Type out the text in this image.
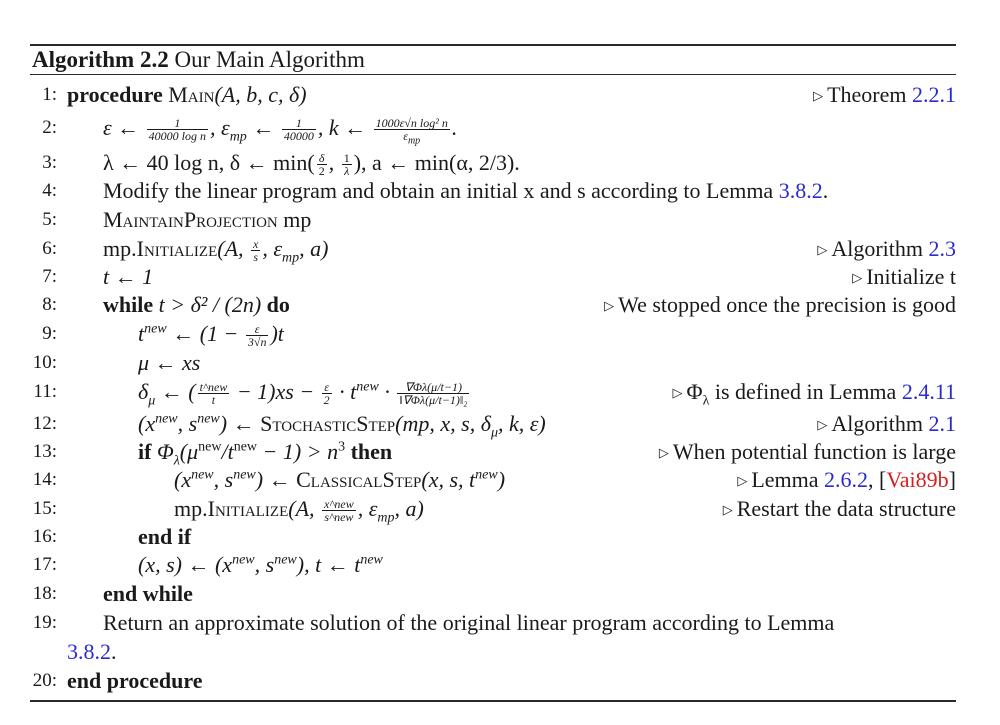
Algorithm 2.2 Our Main Algorithm
1: procedure Main(A, b, c, δ)	▷ Theorem 2.2.1
2: ε ← $\frac{1}{\text{40000 log n}}$ , $\varepsilon_{mp}$ ← $\frac{1}{40000}$ , k ← $\frac{\text{1000ε√n log² n}}{\varepsilon_{mp}}$ .
3: λ ← 40 log n, δ ← $\min( \frac{\delta}{2}$ , $\frac{1}{\lambda}$ ), a ← min(α, 2/3).
4: Modify the linear program and obtain an initial x and s according to Lemma 3.8.2.
5: MaintainProjection mp
6: mp.Initialize(A, $\frac{x}{s}$ , $\varepsilon_{mp}$, a)	▷ Algorithm 2.3
7: t ← 1	▷ Initialize t
8: while t > δ² / (2n) do	▷ We stopped once the precision is good
9:	$t^{new}$ ← $(1 - \frac{\varepsilon}{3√n} )t$
10:	μ ← xs
11:	$\delta_\mu$ ← ( $\frac{\text{t\textasciicircum{}new}}{t} - 1)xs - \frac{\varepsilon}{2} \cdot t^{new} \cdot \frac{\nabla\Phi\lambda(\mu/t-1)}{\text{‖∇Φλ(μ/t−1)‖₂}}$	▷ $\Phi_\lambda$ is defined in Lemma 2.4.11
12:	($x^{new}$, $s^{new}$) ← StochasticStep(mp, x, s, $\delta_\mu$, k, ε)	▷ Algorithm 2.1
13:	if $\Phi_\lambda(\mu^{new}/t^{new} - 1) > n^3$ then	▷ When potential function is large
14:	($x^{new}$, $s^{new}$) ← ClassicalStep(x, s, $t^{new}$)	▷ Lemma 2.6.2, [Vai89b]
15:	mp.Initialize(A, $\frac{\text{x\textasciicircum{}new}}{\text{s\textasciicircum{}new}}$ , $\varepsilon_{mp}$, a)	▷ Restart the data structure
16:	end if
17:	(x, s) ← ($x^{new}$, $s^{new}$), t ← $t^{new}$
18: end while
19: Return an approximate solution of the original linear program according to Lemma
3.8.2.
20: end procedure
